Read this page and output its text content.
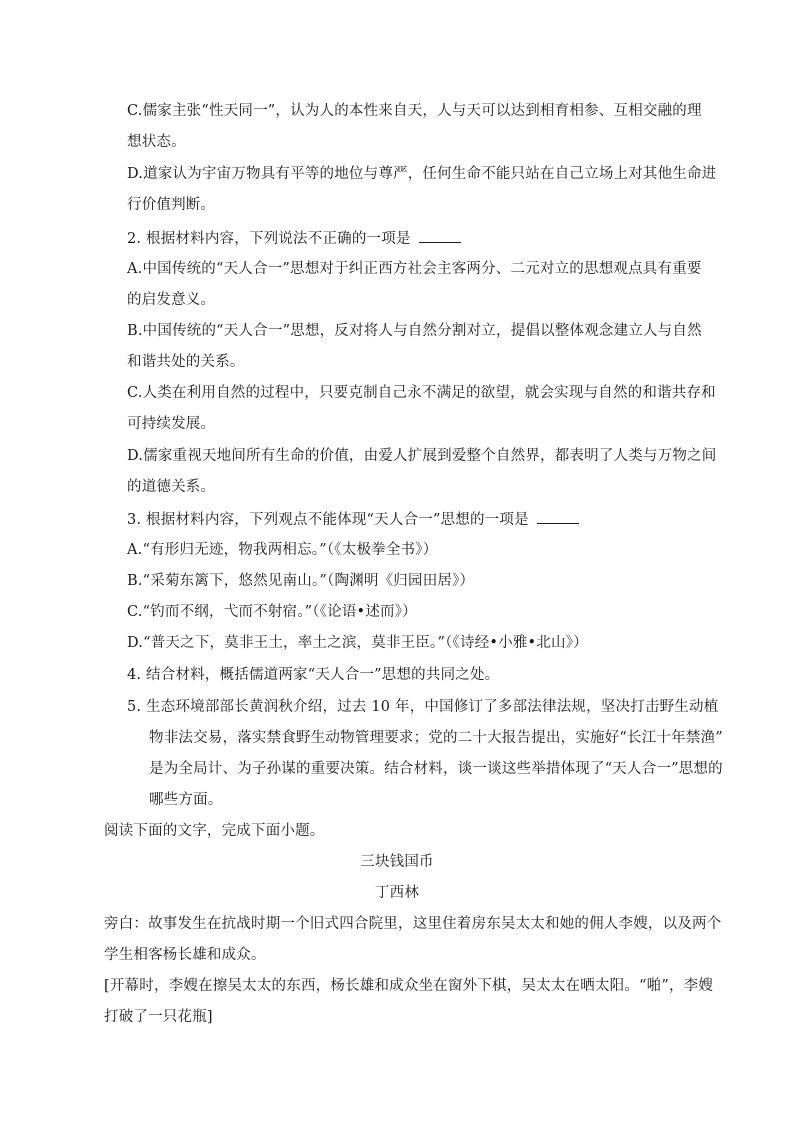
C.儒家主张“性天同一”，认为人的本性来自天，人与天可以达到相育相参、互相交融的理
想状态。
D.道家认为宇宙万物具有平等的地位与尊严，任何生命不能只站在自己立场上对其他生命进
行价值判断。
2. 根据材料内容，下列说法不正确的一项是
A.中国传统的“天人合一”思想对于纠正西方社会主客两分、二元对立的思想观点具有重要
的启发意义。
B.中国传统的“天人合一”思想，反对将人与自然分割对立，提倡以整体观念建立人与自然
和谐共处的关系。
C.人类在利用自然的过程中，只要克制自己永不满足的欲望，就会实现与自然的和谐共存和
可持续发展。
D.儒家重视天地间所有生命的价值，由爱人扩展到爱整个自然界，都表明了人类与万物之间
的道德关系。
3. 根据材料内容，下列观点不能体现“天人合一”思想的一项是
A.“有形归无迹，物我两相忘。”（《太极拳全书》）
B.“采菊东篱下，悠然见南山。”（陶渊明《归园田居》）
C.“钓而不纲，弋而不射宿。”（《论语•述而》）
D.“普天之下，莫非王土，率土之滨，莫非王臣。”（《诗经•小雅•北山》）
4. 结合材料，概括儒道两家“天人合一”思想的共同之处。
5. 生态环境部部长黄润秋介绍，过去 10 年，中国修订了多部法律法规，坚决打击野生动植
物非法交易，落实禁食野生动物管理要求；党的二十大报告提出，实施好“长江十年禁渔”
是为全局计、为子孙谋的重要决策。结合材料，谈一谈这些举措体现了“天人合一”思想的
哪些方面。
阅读下面的文字，完成下面小题。
三块钱国币
丁西林
旁白：故事发生在抗战时期一个旧式四合院里，这里住着房东吴太太和她的佣人李嫂，以及两个
学生相客杨长雄和成众。
[开幕时，李嫂在擦吴太太的东西，杨长雄和成众坐在窗外下棋，吴太太在晒太阳。“啪”，李嫂
打破了一只花瓶]
